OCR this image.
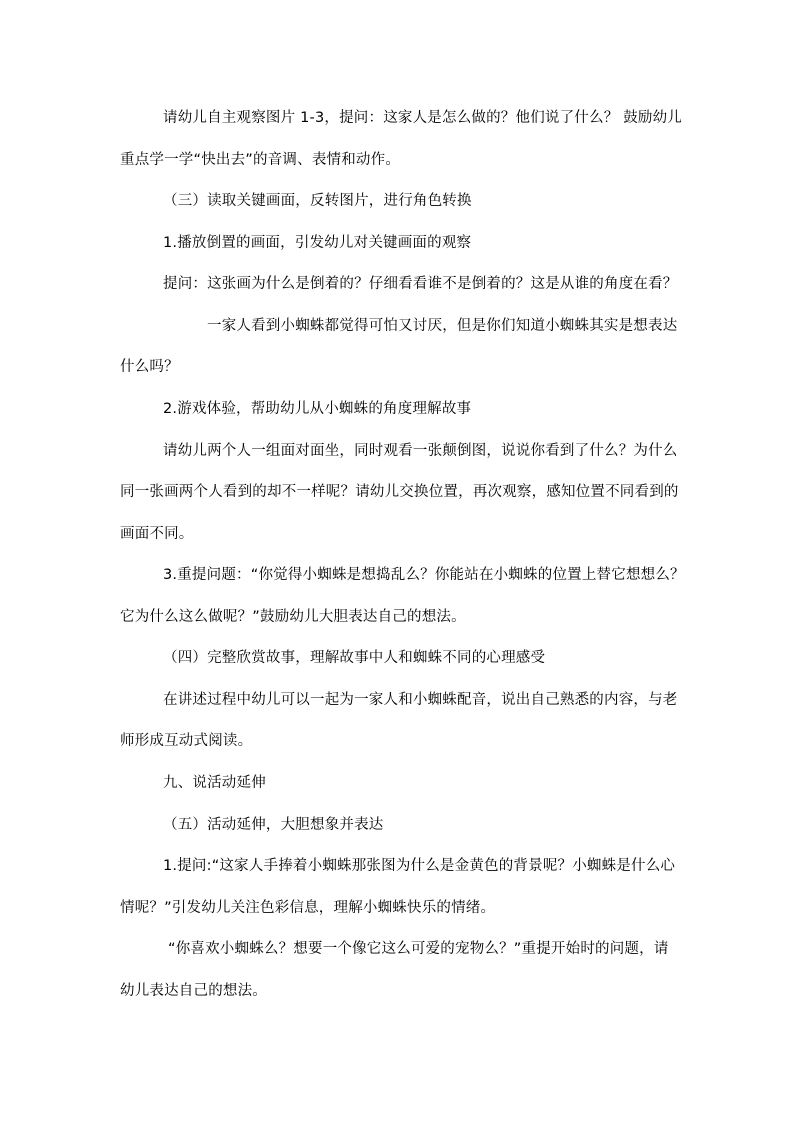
请幼儿自主观察图片 1-3，提问：这家人是怎么做的？他们说了什么？ 鼓励幼儿

重点学一学“快出去”的音调、表情和动作。

（三）读取关键画面，反转图片，进行角色转换

1.播放倒置的画面，引发幼儿对关键画面的观察

提问：这张画为什么是倒着的？仔细看看谁不是倒着的？这是从谁的角度在看？

一家人看到小蜘蛛都觉得可怕又讨厌，但是你们知道小蜘蛛其实是想表达

什么吗？

2.游戏体验，帮助幼儿从小蜘蛛的角度理解故事

请幼儿两个人一组面对面坐，同时观看一张颠倒图，说说你看到了什么？为什么

同一张画两个人看到的却不一样呢？请幼儿交换位置，再次观察，感知位置不同看到的

画面不同。

3.重提问题：“你觉得小蜘蛛是想捣乱么？你能站在小蜘蛛的位置上替它想想么？

它为什么这么做呢？”鼓励幼儿大胆表达自己的想法。

（四）完整欣赏故事，理解故事中人和蜘蛛不同的心理感受

在讲述过程中幼儿可以一起为一家人和小蜘蛛配音，说出自己熟悉的内容，与老

师形成互动式阅读。

九、说活动延伸

（五）活动延伸，大胆想象并表达

1.提问:“这家人手捧着小蜘蛛那张图为什么是金黄色的背景呢？小蜘蛛是什么心

情呢？”引发幼儿关注色彩信息，理解小蜘蛛快乐的情绪。

“你喜欢小蜘蛛么？想要一个像它这么可爱的宠物么？”重提开始时的问题，请

幼儿表达自己的想法。
